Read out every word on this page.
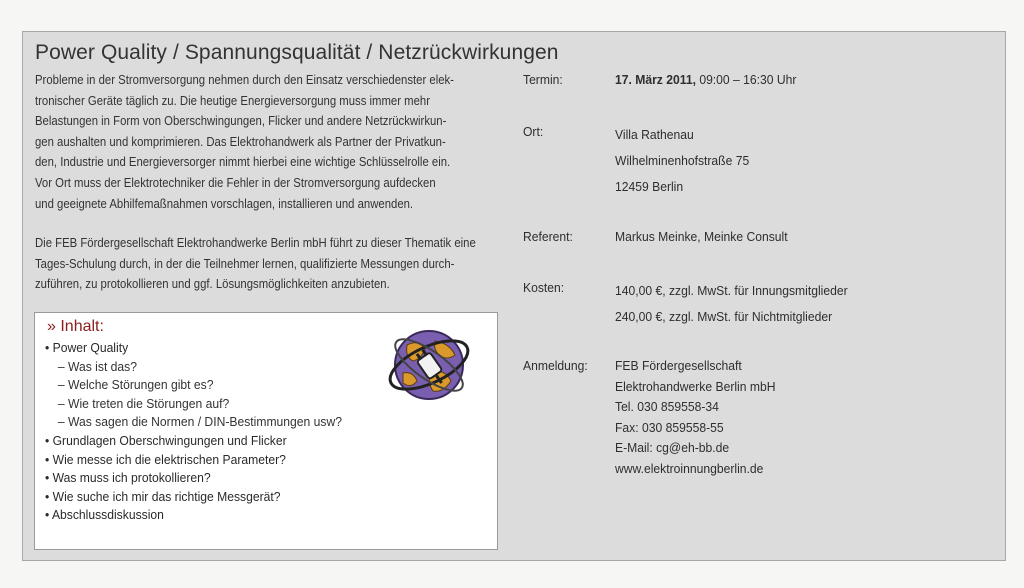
Power Quality / Spannungsqualität / Netzrückwirkungen

Probleme in der Stromversorgung nehmen durch den Einsatz verschiedenster elek-
tronischer Geräte täglich zu. Die heutige Energieversorgung muss immer mehr
Belastungen in Form von Oberschwingungen, Flicker und andere Netzrückwirkun-
gen aushalten und komprimieren. Das Elektrohandwerk als Partner der Privatkun-
den, Industrie und Energieversorger nimmt hierbei eine wichtige Schlüsselrolle ein.
Vor Ort muss der Elektrotechniker die Fehler in der Stromversorgung aufdecken
und geeignete Abhilfemaßnahmen vorschlagen, installieren und anwenden.

Die FEB Fördergesellschaft Elektrohandwerke Berlin mbH führt zu dieser Thematik eine
Tages-Schulung durch, in der die Teilnehmer lernen, qualifizierte Messungen durch-
zuführen, zu protokollieren und ggf. Lösungsmöglichkeiten anzubieten.

» Inhalt:
• Power Quality
– Was ist das?
– Welche Störungen gibt es?
– Wie treten die Störungen auf?
– Was sagen die Normen / DIN-Bestimmungen usw?
• Grundlagen Oberschwingungen und Flicker
• Wie messe ich die elektrischen Parameter?
• Was muss ich protokollieren?
• Wie suche ich mir das richtige Messgerät?
• Abschlussdiskussion
Termin:	17. März 2011, 09:00 – 16:30 Uhr
Ort:	Villa Rathenau
Wilhelminenhofstraße 75
12459 Berlin
Referent:	Markus Meinke, Meinke Consult
Kosten:	140,00 €, zzgl. MwSt. für Innungsmitglieder
240,00 €, zzgl. MwSt. für Nichtmitglieder
Anmeldung: FEB Fördergesellschaft
Elektrohandwerke Berlin mbH
Tel. 030 859558-34
Fax: 030 859558-55
E-Mail: cg@eh-bb.de
www.elektroinnungberlin.de
